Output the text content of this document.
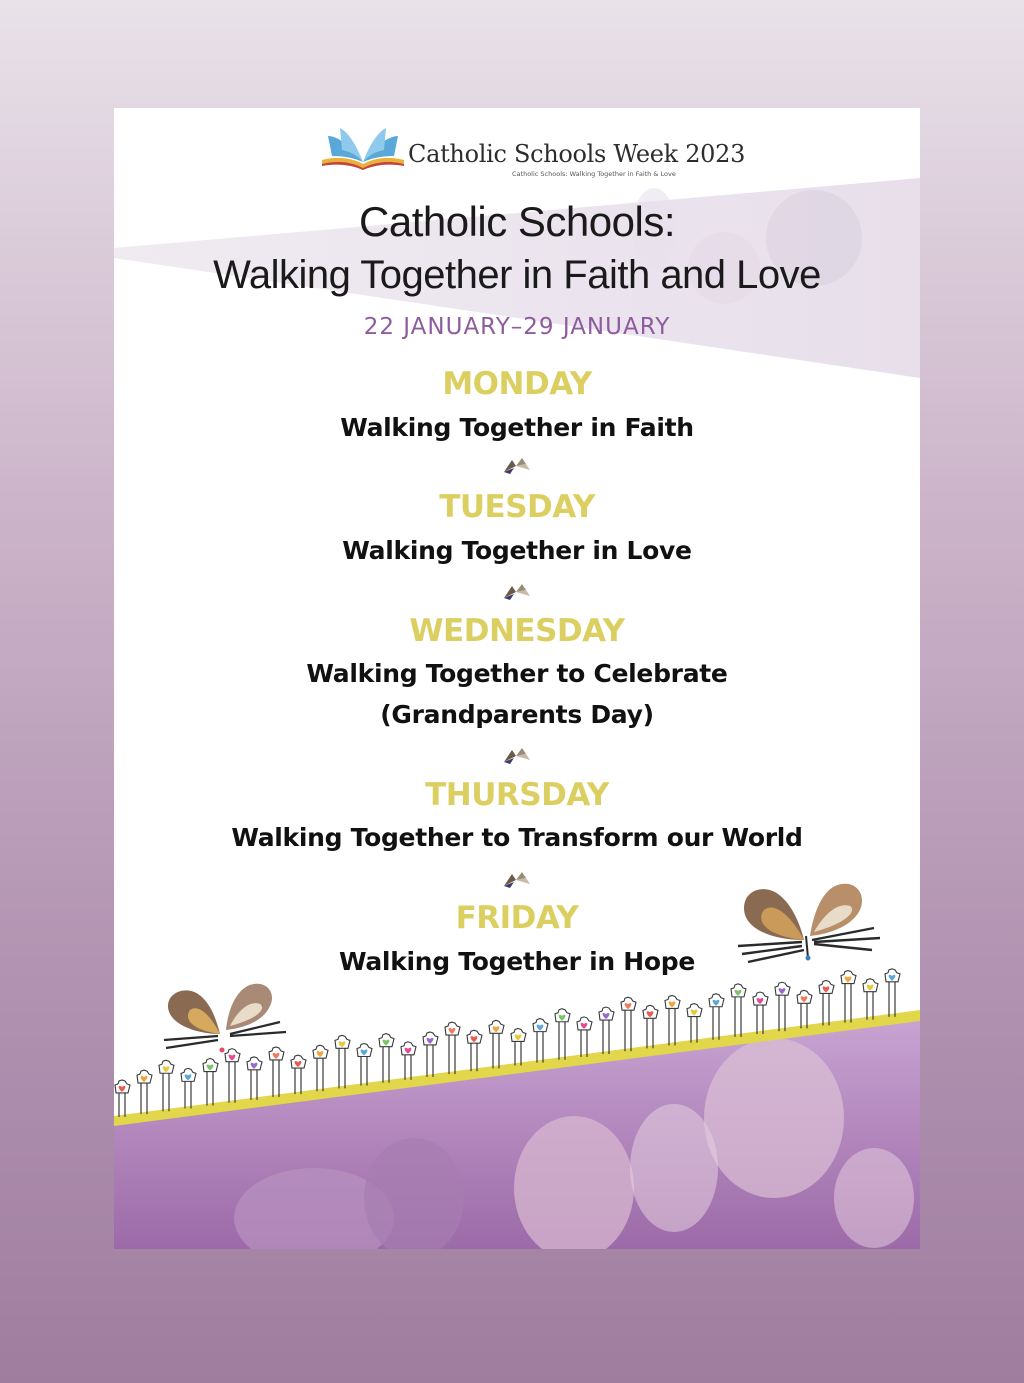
Catholic Schools Week 2023
Catholic Schools: Walking Together in Faith & Love
Catholic Schools:
Walking Together in Faith and Love
22 JANUARY–29 JANUARY
MONDAY
Walking Together in Faith
TUESDAY
Walking Together in Love
WEDNESDAY
Walking Together to Celebrate
(Grandparents Day)
THURSDAY
Walking Together to Transform our World
FRIDAY
Walking Together in Hope
